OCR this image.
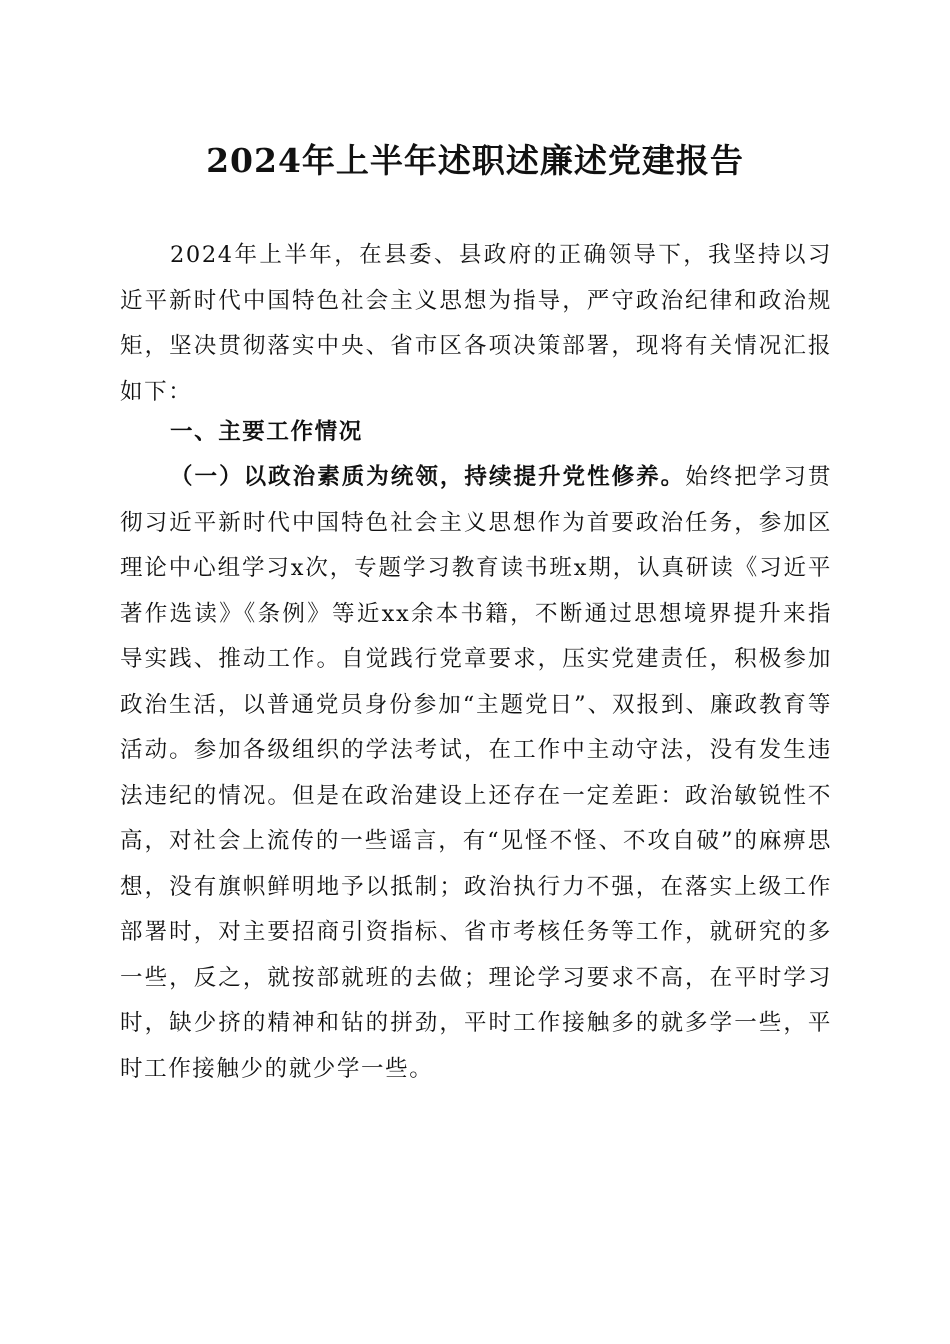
2024年上半年述职述廉述党建报告
2024年上半年，在县委、县政府的正确领导下，我坚持以习近平新时代中国特色社会主义思想为指导，严守政治纪律和政治规矩，坚决贯彻落实中央、省市区各项决策部署，现将有关情况汇报如下：
一、主要工作情况
（一）以政治素质为统领，持续提升党性修养。始终把学习贯彻习近平新时代中国特色社会主义思想作为首要政治任务，参加区理论中心组学习x次，专题学习教育读书班x期，认真研读《习近平著作选读》《条例》等近xx余本书籍，不断通过思想境界提升来指导实践、推动工作。自觉践行党章要求，压实党建责任，积极参加政治生活，以普通党员身份参加“主题党日”、双报到、廉政教育等活动。参加各级组织的学法考试，在工作中主动守法，没有发生违法违纪的情况。但是在政治建设上还存在一定差距：政治敏锐性不高，对社会上流传的一些谣言，有“见怪不怪、不攻自破”的麻痹思想，没有旗帜鲜明地予以抵制；政治执行力不强，在落实上级工作部署时，对主要招商引资指标、省市考核任务等工作，就研究的多一些，反之，就按部就班的去做；理论学习要求不高，在平时学习时，缺少挤的精神和钻的拼劲，平时工作接触多的就多学一些，平时工作接触少的就少学一些。
